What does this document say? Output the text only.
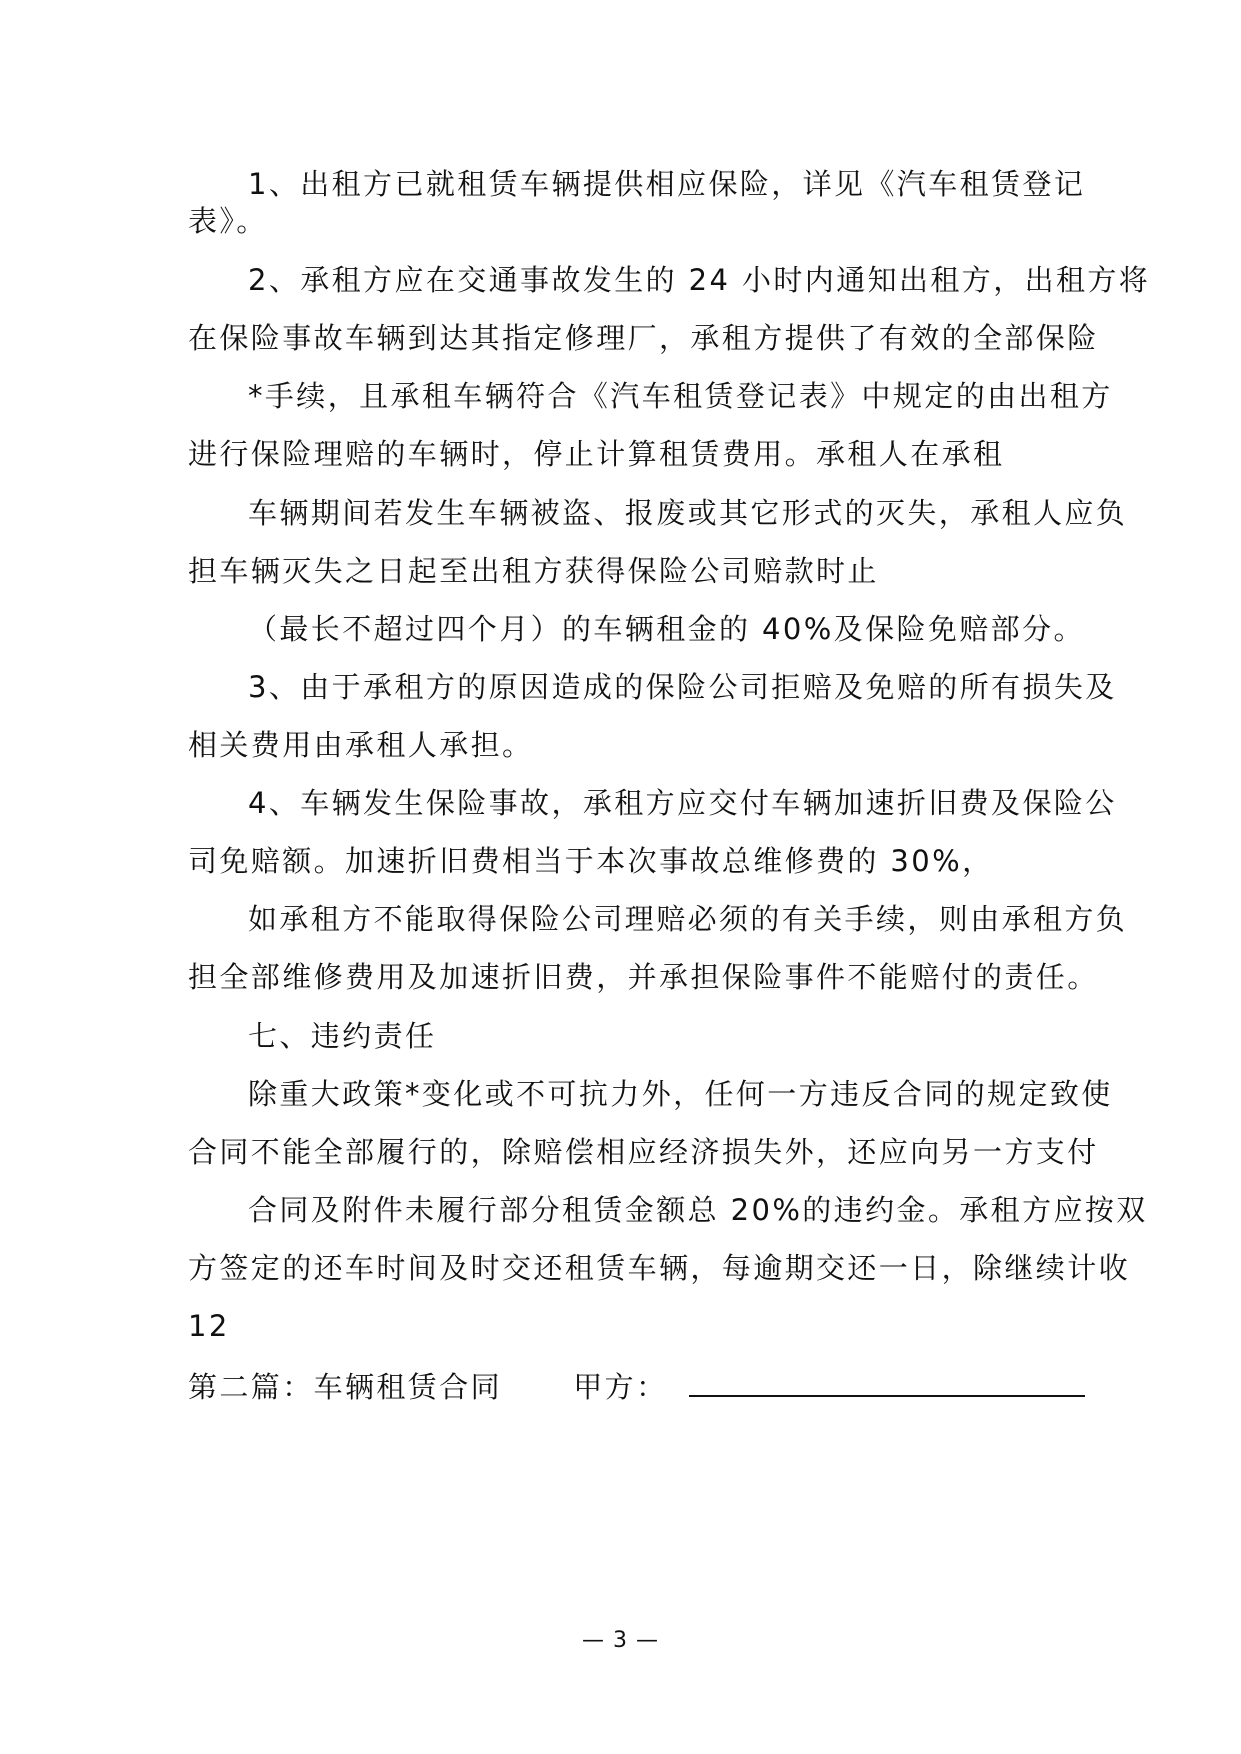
1、出租方已就租赁车辆提供相应保险，详见《汽车租赁登记
表》。
2、承租方应在交通事故发生的 24 小时内通知出租方，出租方将
在保险事故车辆到达其指定修理厂，承租方提供了有效的全部保险
*手续，且承租车辆符合《汽车租赁登记表》中规定的由出租方
进行保险理赔的车辆时，停止计算租赁费用。承租人在承租
车辆期间若发生车辆被盗、报废或其它形式的灭失，承租人应负
担车辆灭失之日起至出租方获得保险公司赔款时止
（最长不超过四个月）的车辆租金的 40%及保险免赔部分。
3、由于承租方的原因造成的保险公司拒赔及免赔的所有损失及
相关费用由承租人承担。
4、车辆发生保险事故，承租方应交付车辆加速折旧费及保险公
司免赔额。加速折旧费相当于本次事故总维修费的 30%，
如承租方不能取得保险公司理赔必须的有关手续，则由承租方负
担全部维修费用及加速折旧费，并承担保险事件不能赔付的责任。
七、违约责任
除重大政策*变化或不可抗力外，任何一方违反合同的规定致使
合同不能全部履行的，除赔偿相应经济损失外，还应向另一方支付
合同及附件未履行部分租赁金额总 20%的违约金。承租方应按双
方签定的还车时间及时交还租赁车辆，每逾期交还一日，除继续计收
12
第二篇：车辆租赁合同 甲方：
— 3 —
